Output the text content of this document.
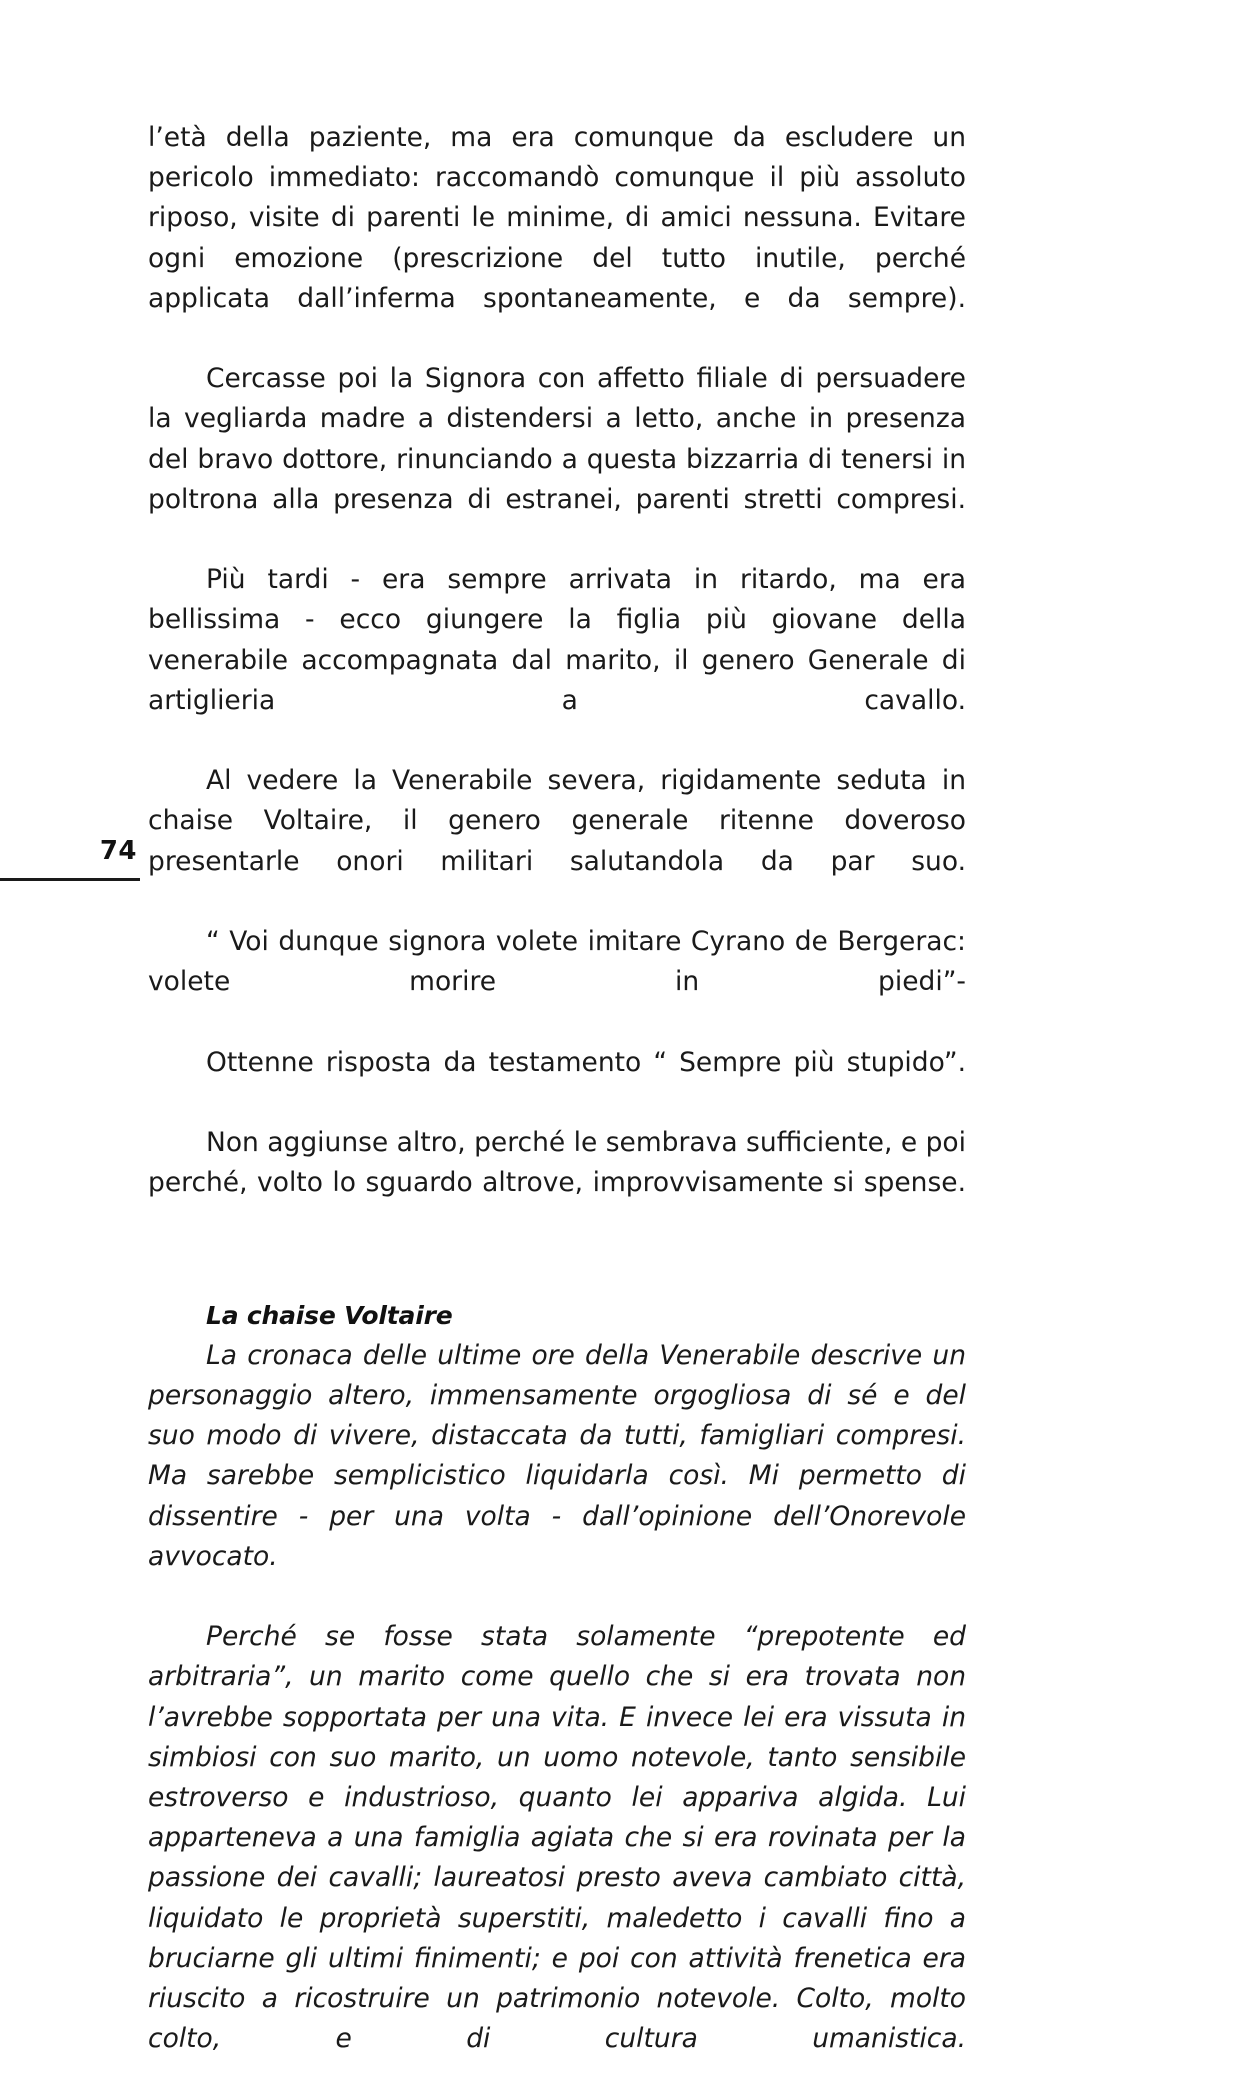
74

l’età della paziente, ma era comunque da escludere un pericolo immediato: raccomandò comunque il più assoluto riposo, visite di parenti le minime, di amici nessuna. Evitare ogni emozione (prescrizione del tutto inutile, perché applicata dall’inferma spontaneamente, e da sempre).

Cercasse poi la Signora con affetto filiale di persuadere la vegliarda madre a distendersi a letto, anche in presenza del bravo dottore, rinunciando a questa bizzarria di tenersi in poltrona alla presenza di estranei, parenti stretti compresi.

Più tardi - era sempre arrivata in ritardo, ma era bellissima - ecco giungere la figlia più giovane della venerabile accompagnata dal marito, il genero Generale di artiglieria a cavallo.

Al vedere la Venerabile severa, rigidamente seduta in chaise Voltaire, il genero generale ritenne doveroso presentarle onori militari salutandola da par suo.

“ Voi dunque signora volete imitare Cyrano de Bergerac: volete morire in piedi”-

Ottenne risposta da testamento “ Sempre più stupido”.

Non aggiunse altro, perché le sembrava sufficiente, e poi perché, volto lo sguardo altrove, improvvisamente si spense.

La chaise Voltaire

La cronaca delle ultime ore della Venerabile descrive un personaggio altero, immensamente orgogliosa di sé e del suo modo di vivere, distaccata da tutti, famigliari compresi. Ma sarebbe semplicistico liquidarla così. Mi permetto di dissentire - per una volta - dall’opinione dell’Onorevole avvocato.

Perché se fosse stata solamente “prepotente ed arbitraria”, un marito come quello che si era trovata non l’avrebbe sopportata per una vita. E invece lei era vissuta in simbiosi con suo marito, un uomo notevole, tanto sensibile estroverso e industrioso, quanto lei appariva algida. Lui apparteneva a una famiglia agiata che si era rovinata per la passione dei cavalli; laureatosi presto aveva cambiato città, liquidato le proprietà superstiti, maledetto i cavalli fino a bruciarne gli ultimi finimenti; e poi con attività frenetica era riuscito a ricostruire un patrimonio notevole. Colto, molto colto, e di cultura umanistica.
